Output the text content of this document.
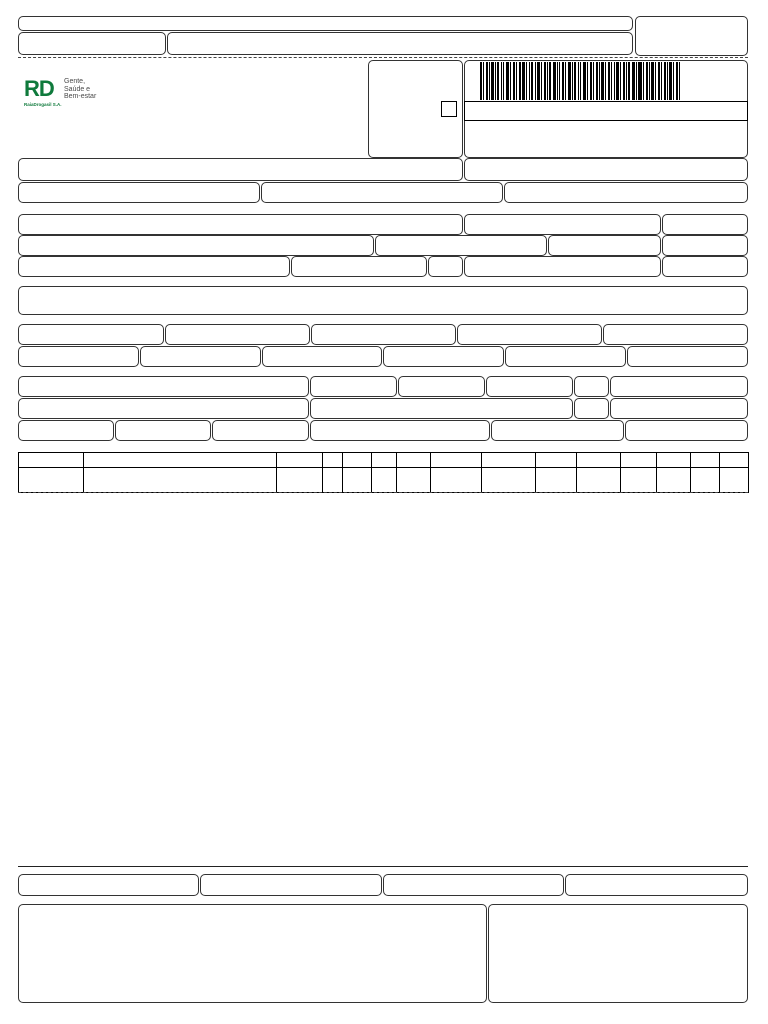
RD Gente,
Saúde e
Bem-estar
RaiaDrogasil S.A.
